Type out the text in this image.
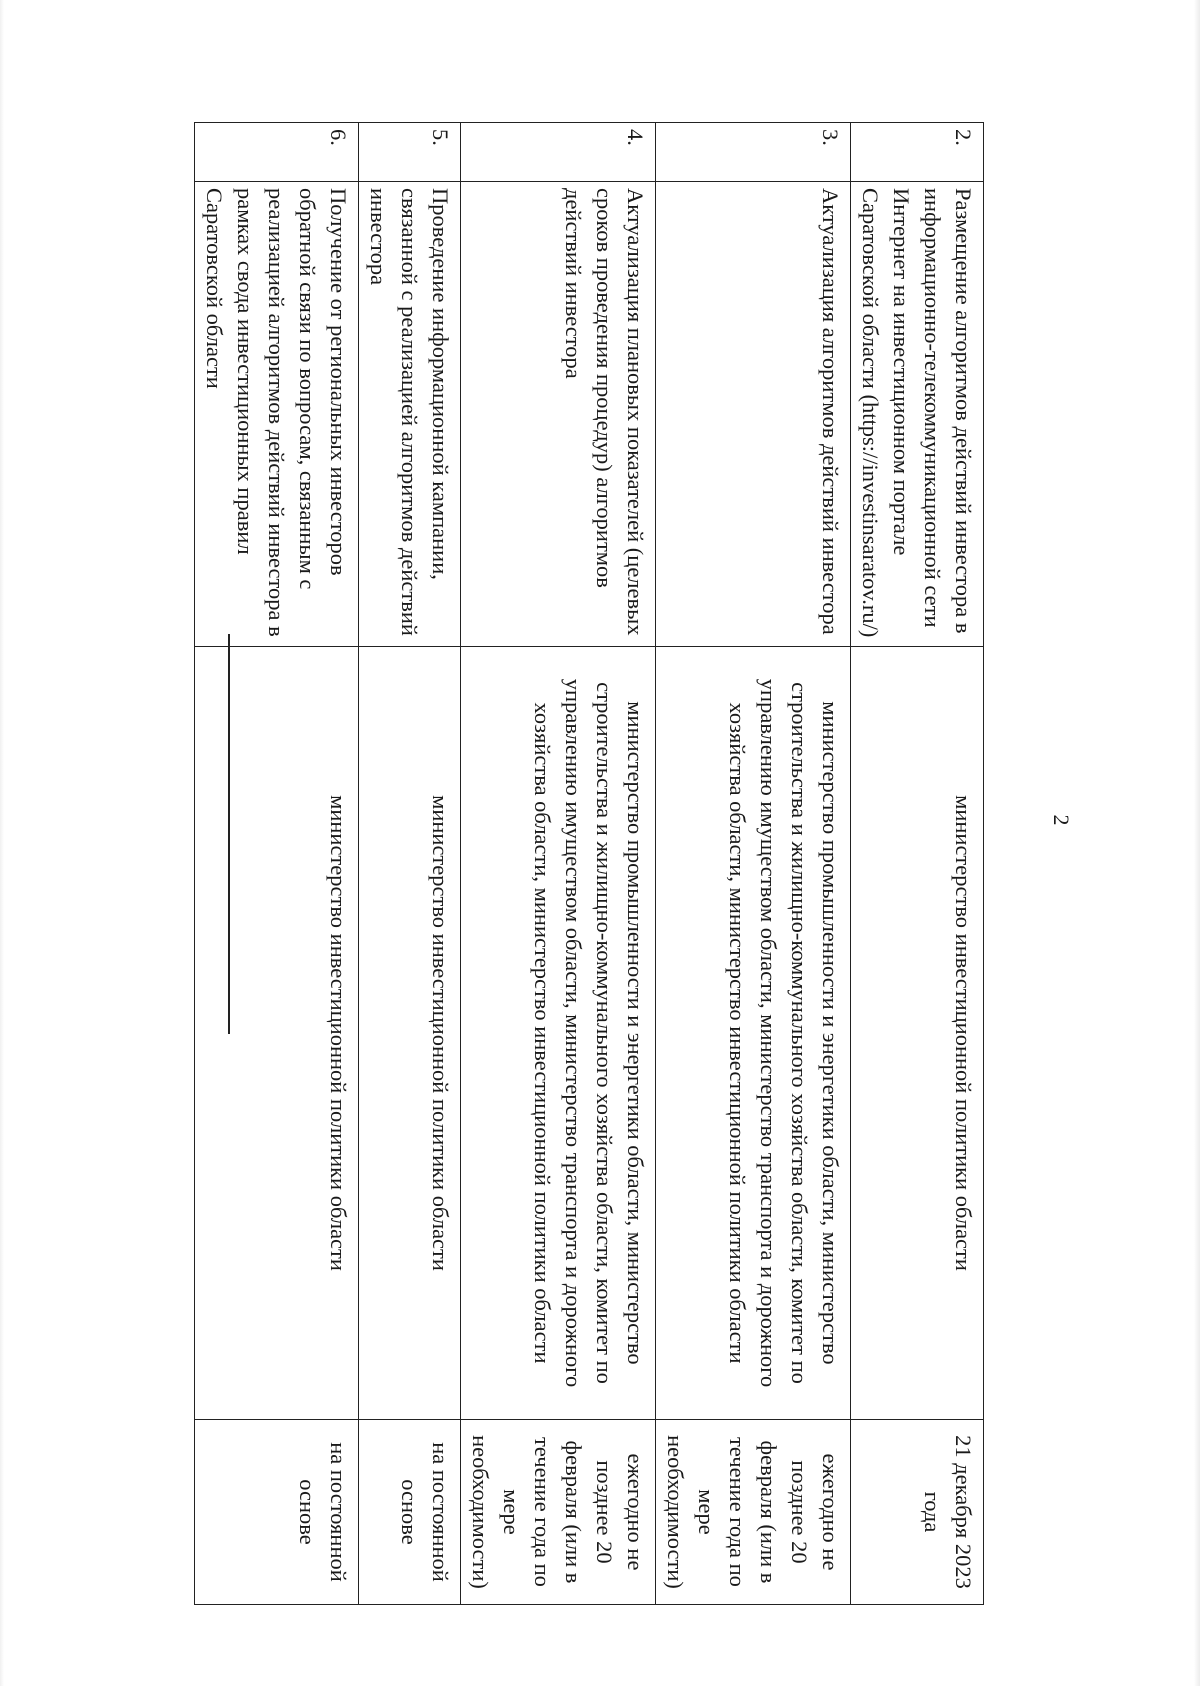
2
2.	Размещение алгоритмов действий инвестора в информационно-телекоммуникационной сети Интернет на инвестиционном портале Саратовской области (https://investinsaratov.ru/)	министерство инвестиционной политики области	21 декабря 2023 года
3.	Актуализация алгоритмов действий инвестора	министерство промышленности и энергетики области, министерство строительства и жилищно-коммунального хозяйства области, комитет по управлению имуществом области, министерство транспорта и дорожного хозяйства области, министерство инвестиционной политики области	ежегодно не позднее 20 февраля (или в течение года по мере необходимости)
4.	Актуализация плановых показателей (целевых сроков проведения процедур) алгоритмов действий инвестора	министерство промышленности и энергетики области, министерство строительства и жилищно-коммунального хозяйства области, комитет по управлению имуществом области, министерство транспорта и дорожного хозяйства области, министерство инвестиционной политики области	ежегодно не позднее 20 февраля (или в течение года по мере необходимости)
5.	Проведение информационной кампании, связанной с реализацией алгоритмов действий инвестора	министерство инвестиционной политики области	на постоянной основе
6.	Получение от региональных инвесторов обратной связи по вопросам, связанным с реализацией алгоритмов действий инвестора в рамках свода инвестиционных правил Саратовской области	министерство инвестиционной политики области	на постоянной основе
